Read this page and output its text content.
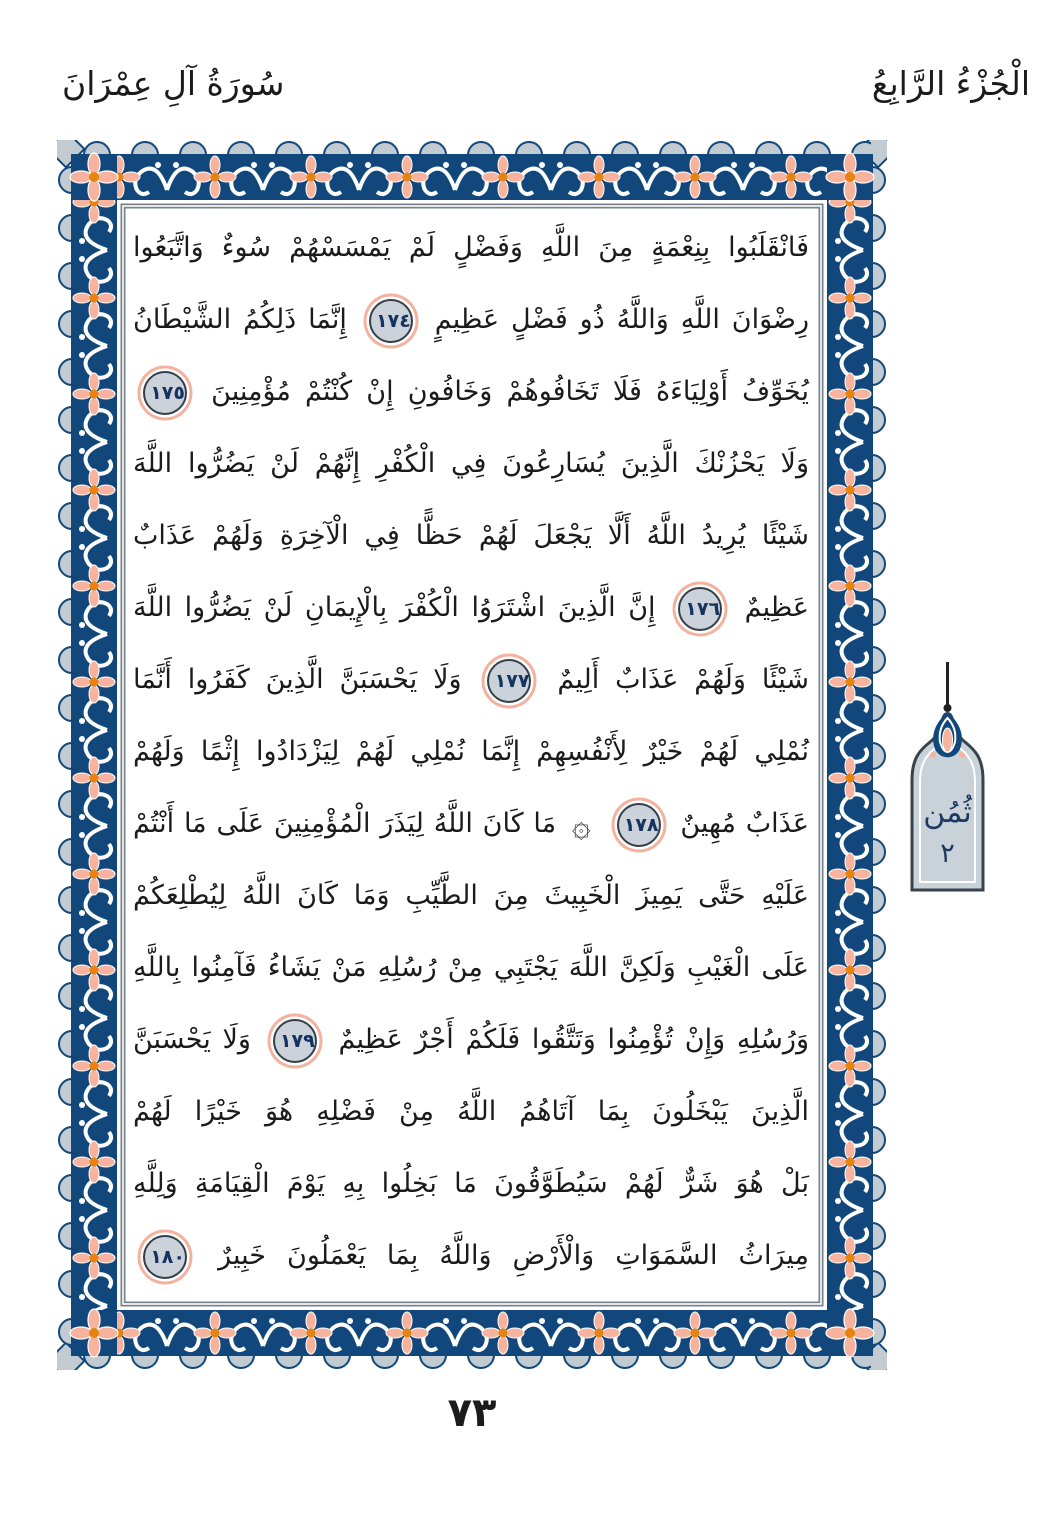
سُورَةُ آلِ عِمْرَانَ	الْجُزْءُ الرَّابِعُ
فَانْقَلَبُوا بِنِعْمَةٍ مِنَ اللَّهِ وَفَضْلٍ لَمْ يَمْسَسْهُمْ سُوءٌ وَاتَّبَعُوا
رِضْوَانَ اللَّهِ وَاللَّهُ ذُو فَضْلٍ عَظِيمٍ ١٧٤ إِنَّمَا ذَلِكُمُ الشَّيْطَانُ
يُخَوِّفُ أَوْلِيَاءَهُ فَلَا تَخَافُوهُمْ وَخَافُونِ إِنْ كُنْتُمْ مُؤْمِنِينَ ١٧٥
وَلَا يَحْزُنْكَ الَّذِينَ يُسَارِعُونَ فِي الْكُفْرِ إِنَّهُمْ لَنْ يَضُرُّوا اللَّهَ
شَيْئًا يُرِيدُ اللَّهُ أَلَّا يَجْعَلَ لَهُمْ حَظًّا فِي الْآخِرَةِ وَلَهُمْ عَذَابٌ
عَظِيمٌ ١٧٦ إِنَّ الَّذِينَ اشْتَرَوُا الْكُفْرَ بِالْإِيمَانِ لَنْ يَضُرُّوا اللَّهَ
شَيْئًا وَلَهُمْ عَذَابٌ أَلِيمٌ ١٧٧ وَلَا يَحْسَبَنَّ الَّذِينَ كَفَرُوا أَنَّمَا
نُمْلِي لَهُمْ خَيْرٌ لِأَنْفُسِهِمْ إِنَّمَا نُمْلِي لَهُمْ لِيَزْدَادُوا إِثْمًا وَلَهُمْ
عَذَابٌ مُهِينٌ ١٧٨ ۞ مَا كَانَ اللَّهُ لِيَذَرَ الْمُؤْمِنِينَ عَلَى مَا أَنْتُمْ
عَلَيْهِ حَتَّى يَمِيزَ الْخَبِيثَ مِنَ الطَّيِّبِ وَمَا كَانَ اللَّهُ لِيُطْلِعَكُمْ
عَلَى الْغَيْبِ وَلَكِنَّ اللَّهَ يَجْتَبِي مِنْ رُسُلِهِ مَنْ يَشَاءُ فَآمِنُوا بِاللَّهِ
وَرُسُلِهِ وَإِنْ تُؤْمِنُوا وَتَتَّقُوا فَلَكُمْ أَجْرٌ عَظِيمٌ ١٧٩ وَلَا يَحْسَبَنَّ
الَّذِينَ يَبْخَلُونَ بِمَا آتَاهُمُ اللَّهُ مِنْ فَضْلِهِ هُوَ خَيْرًا لَهُمْ
بَلْ هُوَ شَرٌّ لَهُمْ سَيُطَوَّقُونَ مَا بَخِلُوا بِهِ يَوْمَ الْقِيَامَةِ وَلِلَّهِ
مِيرَاثُ السَّمَوَاتِ وَالْأَرْضِ وَاللَّهُ بِمَا يَعْمَلُونَ خَبِيرٌ ١٨٠
ثُمُن
٢
٧٣
